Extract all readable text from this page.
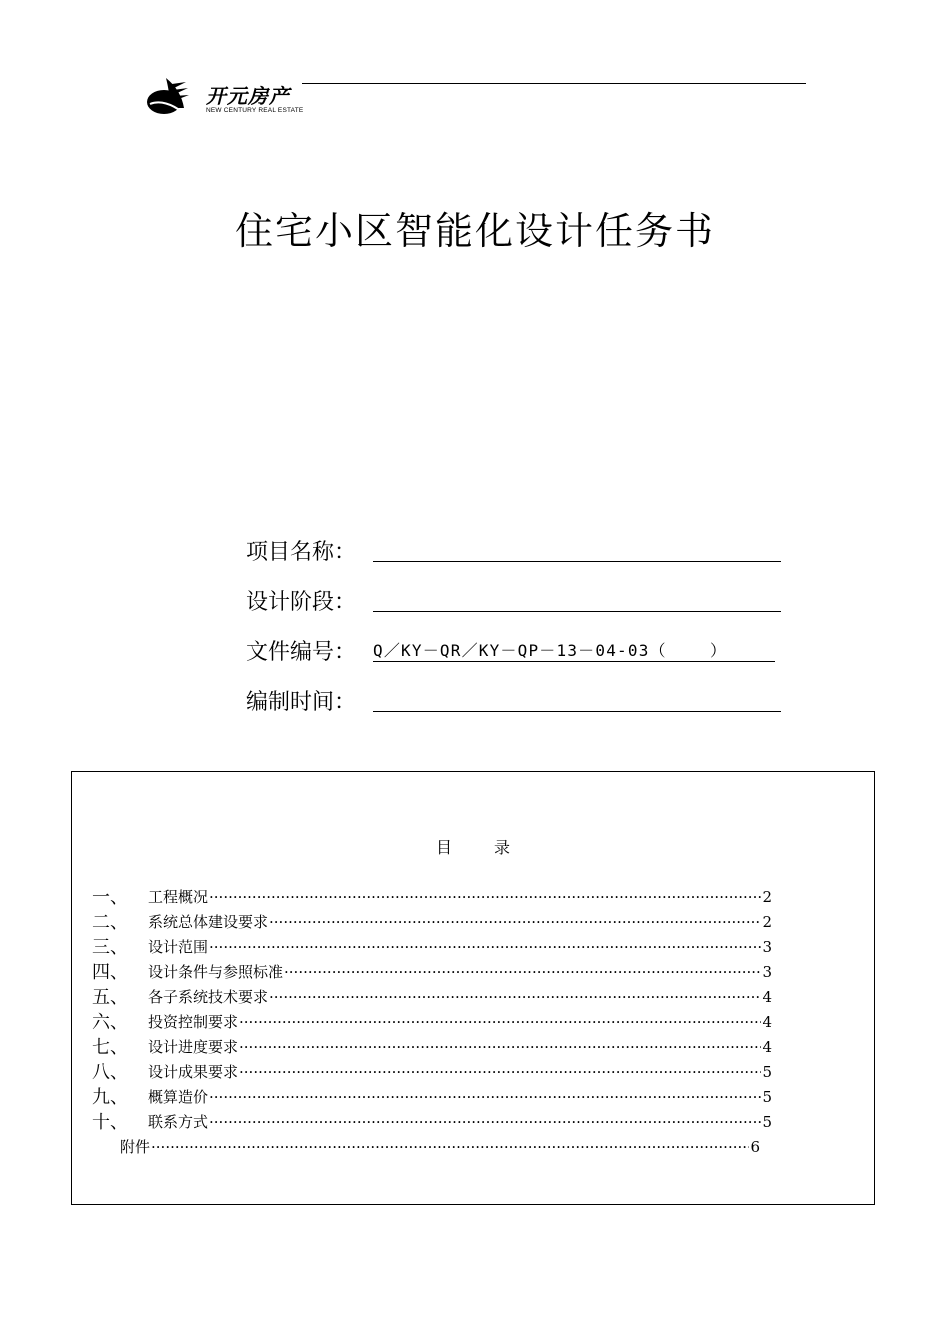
开元房产
NEW CENTURY REAL ESTATE
住宅小区智能化设计任务书
项目名称：
设计阶段：
文件编号： Q／KY－QR／KY－QP－13－04-03（    ）
编制时间：
目	录
一、	工程概况 ·····	2
二、	系统总体建设要求 ·····	2
三、	设计范围 ·····	3
四、	设计条件与参照标准 ·····	3
五、	各子系统技术要求 ·····	4
六、	投资控制要求 ·····	4
七、	设计进度要求 ·····	4
八、	设计成果要求 ·····	5
九、	概算造价 ·····	5
十、	联系方式 ·····	5
附件 ·····	6
